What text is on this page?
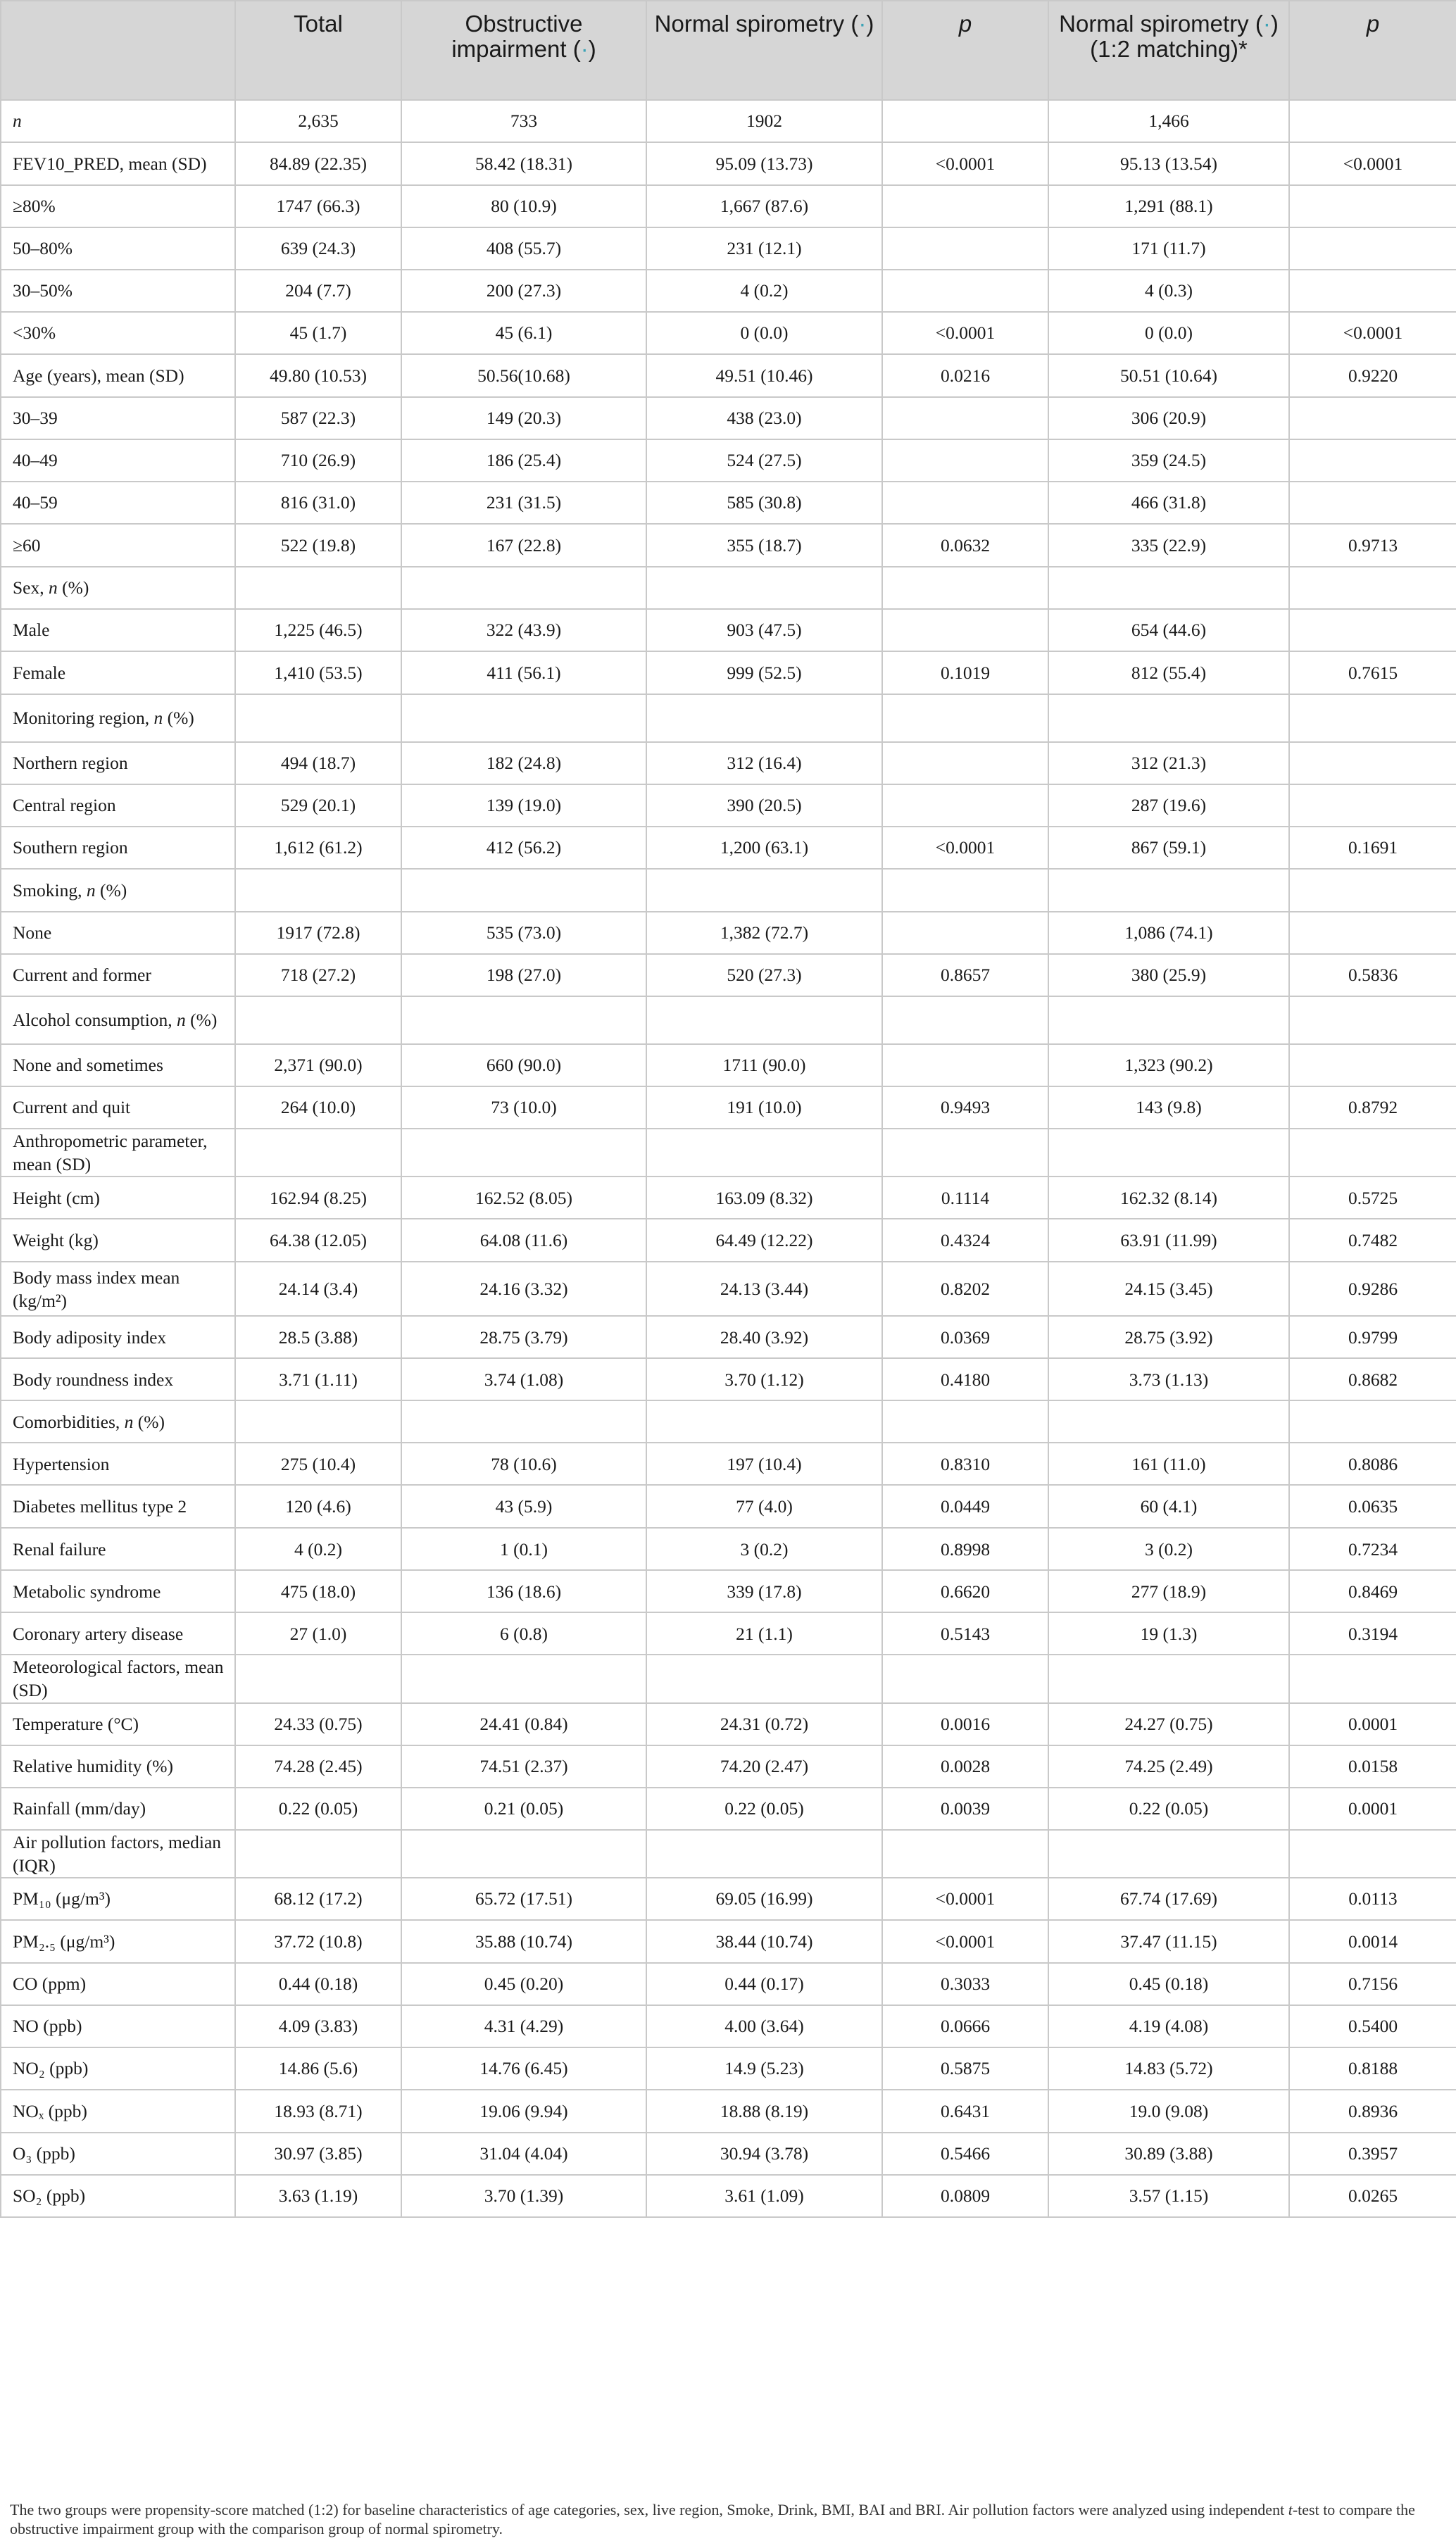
	Total	Obstructive impairment (·)	Normal spirometry (·)	p	Normal spirometry (·) (1:2 matching)*	p
n	2,635	733	1902		1,466	
FEV10_PRED, mean (SD)	84.89 (22.35)	58.42 (18.31)	95.09 (13.73)	<0.0001	95.13 (13.54)	<0.0001
≥80%	1747 (66.3)	80 (10.9)	1,667 (87.6)		1,291 (88.1)	
50–80%	639 (24.3)	408 (55.7)	231 (12.1)		171 (11.7)	
30–50%	204 (7.7)	200 (27.3)	4 (0.2)		4 (0.3)	
<30%	45 (1.7)	45 (6.1)	0 (0.0)	<0.0001	0 (0.0)	<0.0001
Age (years), mean (SD)	49.80 (10.53)	50.56(10.68)	49.51 (10.46)	0.0216	50.51 (10.64)	0.9220
30–39	587 (22.3)	149 (20.3)	438 (23.0)		306 (20.9)	
40–49	710 (26.9)	186 (25.4)	524 (27.5)		359 (24.5)	
40–59	816 (31.0)	231 (31.5)	585 (30.8)		466 (31.8)	
≥60	522 (19.8)	167 (22.8)	355 (18.7)	0.0632	335 (22.9)	0.9713
Sex, n (%)						
Male	1,225 (46.5)	322 (43.9)	903 (47.5)		654 (44.6)	
Female	1,410 (53.5)	411 (56.1)	999 (52.5)	0.1019	812 (55.4)	0.7615
Monitoring region, n (%)						
Northern region	494 (18.7)	182 (24.8)	312 (16.4)		312 (21.3)	
Central region	529 (20.1)	139 (19.0)	390 (20.5)		287 (19.6)	
Southern region	1,612 (61.2)	412 (56.2)	1,200 (63.1)	<0.0001	867 (59.1)	0.1691
Smoking, n (%)						
None	1917 (72.8)	535 (73.0)	1,382 (72.7)		1,086 (74.1)	
Current and former	718 (27.2)	198 (27.0)	520 (27.3)	0.8657	380 (25.9)	0.5836
Alcohol consumption, n (%)						
None and sometimes	2,371 (90.0)	660 (90.0)	1711 (90.0)		1,323 (90.2)	
Current and quit	264 (10.0)	73 (10.0)	191 (10.0)	0.9493	143 (9.8)	0.8792
Anthropometric parameter, mean (SD)						
Height (cm)	162.94 (8.25)	162.52 (8.05)	163.09 (8.32)	0.1114	162.32 (8.14)	0.5725
Weight (kg)	64.38 (12.05)	64.08 (11.6)	64.49 (12.22)	0.4324	63.91 (11.99)	0.7482
Body mass index mean (kg/m²)	24.14 (3.4)	24.16 (3.32)	24.13 (3.44)	0.8202	24.15 (3.45)	0.9286
Body adiposity index	28.5 (3.88)	28.75 (3.79)	28.40 (3.92)	0.0369	28.75 (3.92)	0.9799
Body roundness index	3.71 (1.11)	3.74 (1.08)	3.70 (1.12)	0.4180	3.73 (1.13)	0.8682
Comorbidities, n (%)						
Hypertension	275 (10.4)	78 (10.6)	197 (10.4)	0.8310	161 (11.0)	0.8086
Diabetes mellitus type 2	120 (4.6)	43 (5.9)	77 (4.0)	0.0449	60 (4.1)	0.0635
Renal failure	4 (0.2)	1 (0.1)	3 (0.2)	0.8998	3 (0.2)	0.7234
Metabolic syndrome	475 (18.0)	136 (18.6)	339 (17.8)	0.6620	277 (18.9)	0.8469
Coronary artery disease	27 (1.0)	6 (0.8)	21 (1.1)	0.5143	19 (1.3)	0.3194
Meteorological factors, mean (SD)						
Temperature (°C)	24.33 (0.75)	24.41 (0.84)	24.31 (0.72)	0.0016	24.27 (0.75)	0.0001
Relative humidity (%)	74.28 (2.45)	74.51 (2.37)	74.20 (2.47)	0.0028	74.25 (2.49)	0.0158
Rainfall (mm/day)	0.22 (0.05)	0.21 (0.05)	0.22 (0.05)	0.0039	0.22 (0.05)	0.0001
Air pollution factors, median (IQR)						
PM₁₀ (μg/m³)	68.12 (17.2)	65.72 (17.51)	69.05 (16.99)	<0.0001	67.74 (17.69)	0.0113
PM₂.₅ (μg/m³)	37.72 (10.8)	35.88 (10.74)	38.44 (10.74)	<0.0001	37.47 (11.15)	0.0014
CO (ppm)	0.44 (0.18)	0.45 (0.20)	0.44 (0.17)	0.3033	0.45 (0.18)	0.7156
NO (ppb)	4.09 (3.83)	4.31 (4.29)	4.00 (3.64)	0.0666	4.19 (4.08)	0.5400
NO₂ (ppb)	14.86 (5.6)	14.76 (6.45)	14.9 (5.23)	0.5875	14.83 (5.72)	0.8188
NOₓ (ppb)	18.93 (8.71)	19.06 (9.94)	18.88 (8.19)	0.6431	19.0 (9.08)	0.8936
O₃ (ppb)	30.97 (3.85)	31.04 (4.04)	30.94 (3.78)	0.5466	30.89 (3.88)	0.3957
SO₂ (ppb)	3.63 (1.19)	3.70 (1.39)	3.61 (1.09)	0.0809	3.57 (1.15)	0.0265
The two groups were propensity-score matched (1:2) for baseline characteristics of age categories, sex, live region, Smoke, Drink, BMI, BAI and BRI. Air pollution factors were analyzed using independent t-test to compare the obstructive impairment group with the comparison group of normal spirometry.
